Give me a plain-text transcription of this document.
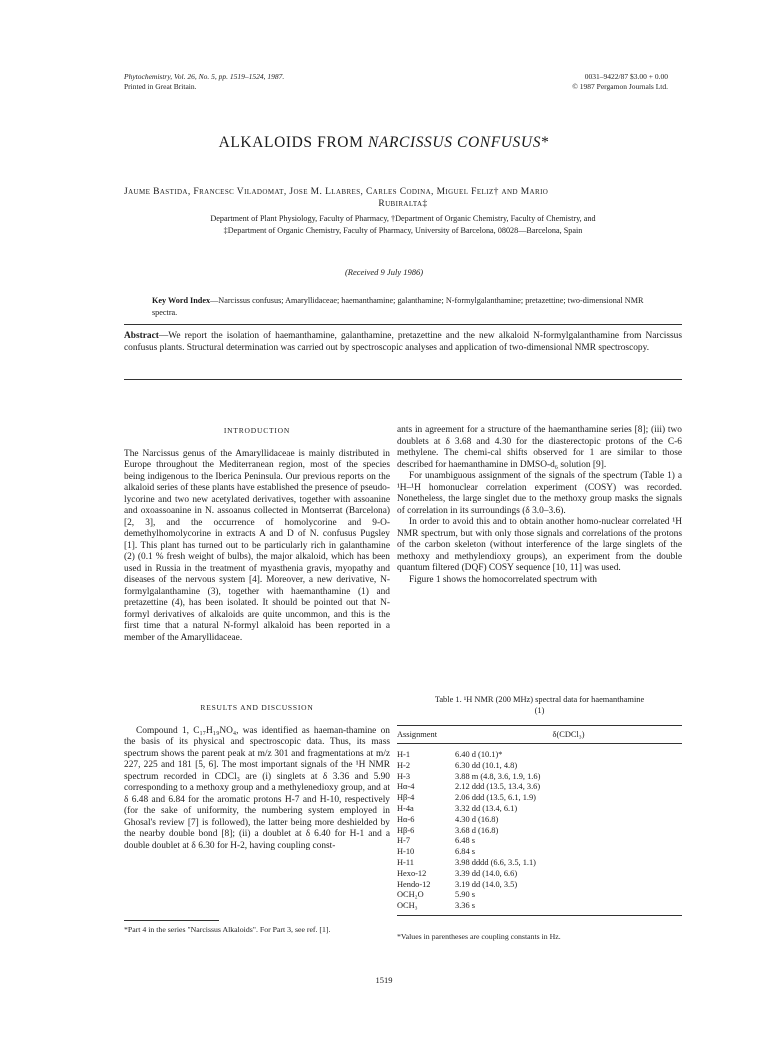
Phytochemistry, Vol. 26, No. 5, pp. 1519–1524, 1987.
Printed in Great Britain.
0031–9422/87 $3.00 + 0.00
© 1987 Pergamon Journals Ltd.
ALKALOIDS FROM NARCISSUS CONFUSUS*
Jaume Bastida, Francesc Viladomat, Jose M. Llabres, Carles Codina, Miguel Feliz† and Mario
Rubiralta‡
Department of Plant Physiology, Faculty of Pharmacy, †Department of Organic Chemistry, Faculty of Chemistry, and
‡Department of Organic Chemistry, Faculty of Pharmacy, University of Barcelona, 08028—Barcelona, Spain
(Received 9 July 1986)
Key Word Index—Narcissus confusus; Amaryllidaceae; haemanthamine; galanthamine; N-formylgalanthamine; pretazettine; two-dimensional NMR spectra.
Abstract—We report the isolation of haemanthamine, galanthamine, pretazettine and the new alkaloid N-formylgalanthamine from Narcissus confusus plants. Structural determination was carried out by spectroscopic analyses and application of two-dimensional NMR spectroscopy.
INTRODUCTION

The Narcissus genus of the Amaryllidaceae is mainly distributed in Europe throughout the Mediterranean region, most of the species being indigenous to the Iberica Peninsula. Our previous reports on the alkaloid series of these plants have established the presence of pseudo-lycorine and two new acetylated derivatives, together with assoanine and oxoassoanine in N. assoanus collected in Montserrat (Barcelona) [2, 3], and the occurrence of homolycorine and 9-O-demethylhomolycorine in extracts A and D of N. confusus Pugsley [1]. This plant has turned out to be particularly rich in galanthamine (2) (0.1 % fresh weight of bulbs), the major alkaloid, which has been used in Russia in the treatment of myasthenia gravis, myopathy and diseases of the nervous system [4]. Moreover, a new derivative, N-formylgalanthamine (3), together with haemanthamine (1) and pretazettine (4), has been isolated. It should be pointed out that N-formyl derivatives of alkaloids are quite uncommon, and this is the first time that a natural N-formyl alkaloid has been reported in a member of the Amaryllidaceae.

RESULTS AND DISCUSSION

Compound 1, C₁₇H₁₉NO₄, was identified as haeman-thamine on the basis of its physical and spectroscopic data. Thus, its mass spectrum shows the parent peak at m/z 301 and fragmentations at m/z 227, 225 and 181 [5, 6]. The most important signals of the ¹H NMR spectrum recorded in CDCl₃ are (i) singlets at δ 3.36 and 5.90 corresponding to a methoxy group and a methylenedioxy group, and at δ 6.48 and 6.84 for the aromatic protons H-7 and H-10, respectively (for the sake of uniformity, the numbering system employed in Ghosal's review [7] is followed), the latter being more deshielded by the nearby double bond [8]; (ii) a doublet at δ 6.40 for H-1 and a double doublet at δ 6.30 for H-2, having coupling const-

ants in agreement for a structure of the haemanthamine series [8]; (iii) two doublets at δ 3.68 and 4.30 for the diasterectopic protons of the C-6 methylene. The chemi-cal shifts observed for 1 are similar to those described for haemanthamine in DMSO-d₆ solution [9].

For unambiguous assignment of the signals of the spectrum (Table 1) a ¹H–¹H homonuclear correlation experiment (COSY) was recorded. Nonetheless, the large singlet due to the methoxy group masks the signals of correlation in its surroundings (δ 3.0–3.6).

In order to avoid this and to obtain another homo-nuclear correlated ¹H NMR spectrum, but with only those signals and correlations of the protons of the carbon skeleton (without interference of the large singlets of the methoxy and methylendioxy groups), an experiment from the double quantum filtered (DQF) COSY sequence [10, 11] was used.

Figure 1 shows the homocorrelated spectrum with

Table 1. ¹H NMR (200 MHz) spectral data for haemanthamine
(1)
Assignment	δ(CDCl₃)
H-1	6.40 d (10.1)*
H-2	6.30 dd (10.1, 4.8)
H-3	3.88 m (4.8, 3.6, 1.9, 1.6)
Hα-4	2.12 ddd (13.5, 13.4, 3.6)
Hβ-4	2.06 ddd (13.5, 6.1, 1.9)
H-4a	3.32 dd (13.4, 6.1)
Hα-6	4.30 d (16.8)
Hβ-6	3.68 d (16.8)
H-7	6.48 s
H-10	6.84 s
H-11	3.98 dddd (6.6, 3.5, 1.1)
Hexo-12	3.39 dd (14.0, 6.6)
Hendo-12	3.19 dd (14.0, 3.5)
OCH₂O	5.90 s
OCH₃	3.36 s
*Values in parentheses are coupling constants in Hz.
*Part 4 in the series "Narcissus Alkaloids". For Part 3, see ref. [1].
1519
